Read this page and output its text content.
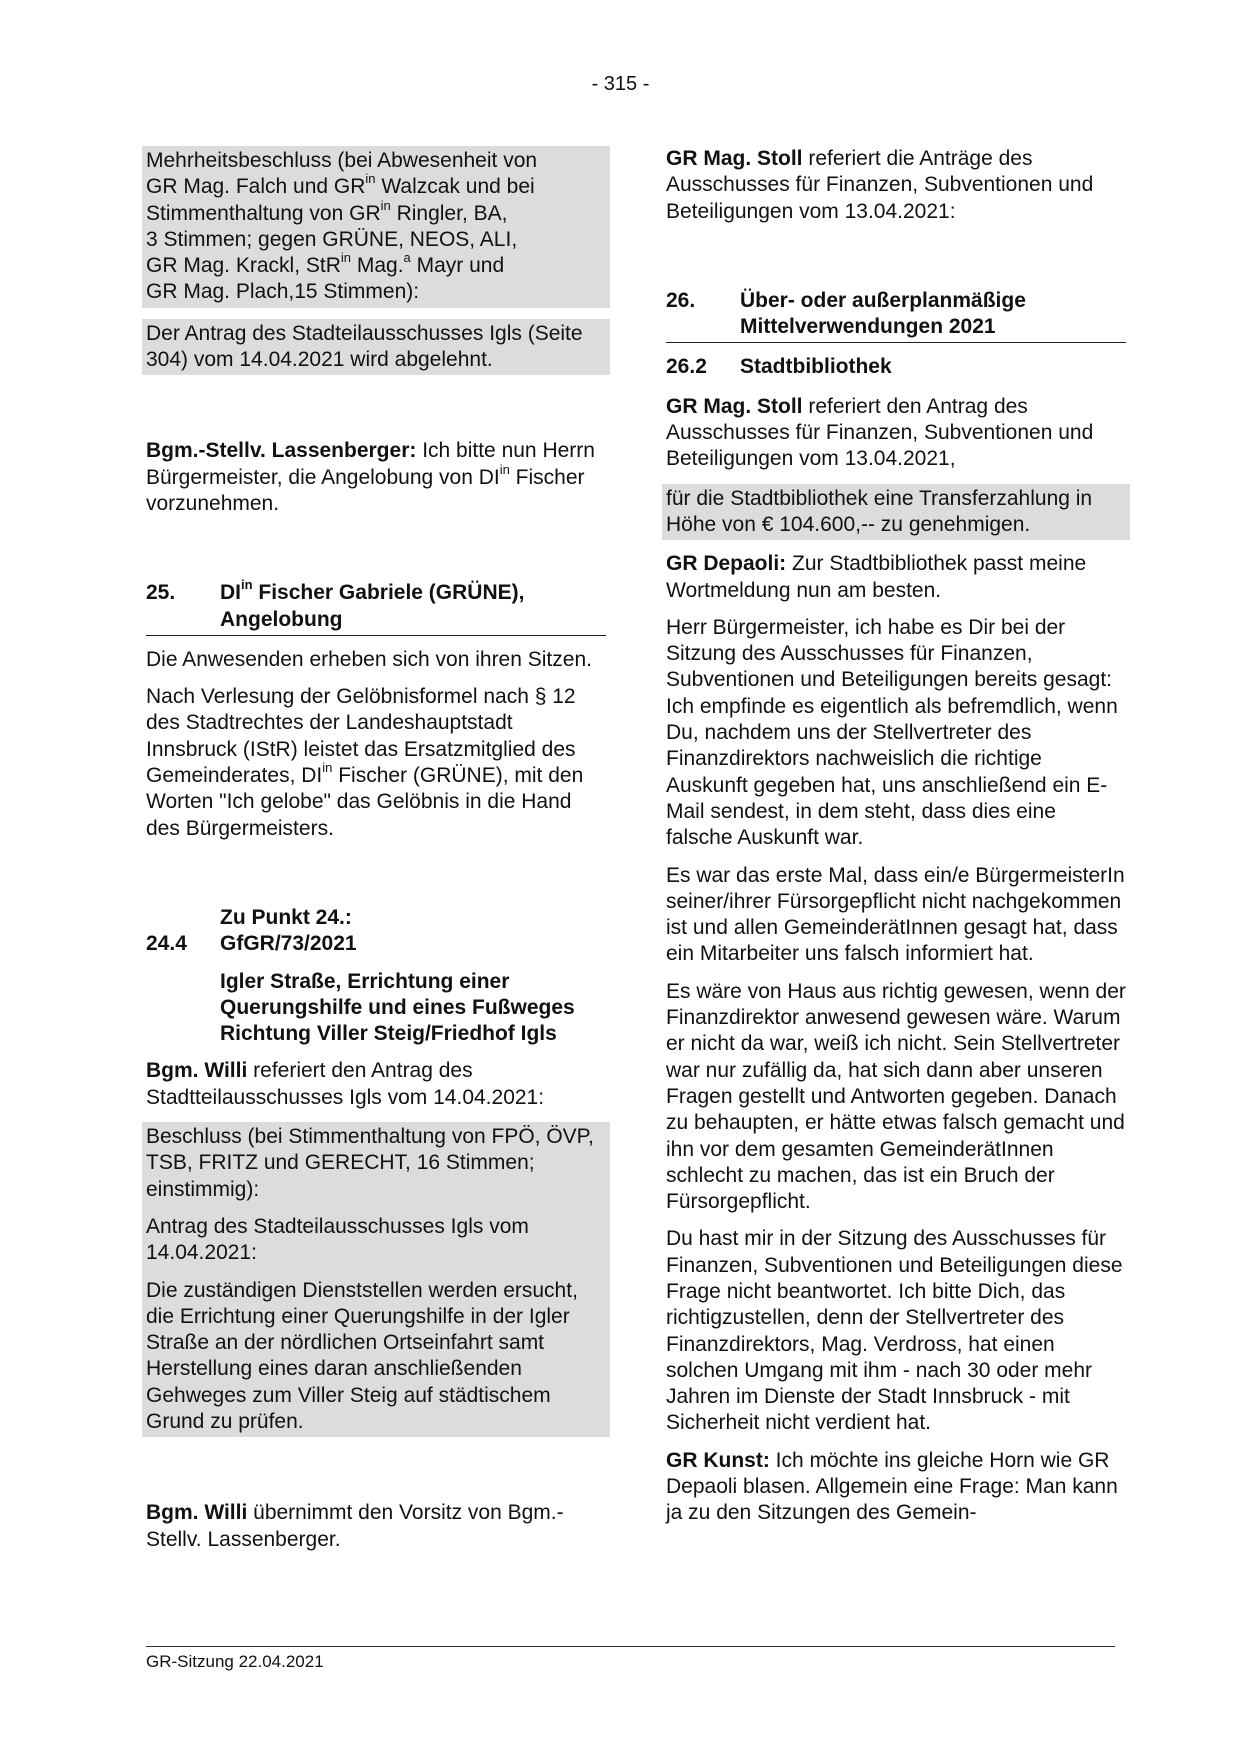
- 315 -

Mehrheitsbeschluss (bei Abwesenheit von
GR Mag. Falch und $GR^{in}$ Walzcak und bei
Stimmenthaltung von $GR^{in}$ Ringler, BA,
3 Stimmen; gegen GRÜNE, NEOS, ALI,
GR Mag. Krackl, StR$^{in}$ Mag.$^a$ Mayr und
GR Mag. Plach,15 Stimmen):

Der Antrag des Stadteilausschusses Igls (Seite 304) vom 14.04.2021 wird abgelehnt.

Bgm.-Stellv. Lassenberger: Ich bitte nun Herrn Bürgermeister, die Angelobung von $DI^{in}$ Fischer vorzunehmen.

25.	$DI^{in}$ Fischer Gabriele (GRÜNE), Angelobung

Die Anwesenden erheben sich von ihren Sitzen.

Nach Verlesung der Gelöbnisformel nach § 12 des Stadtrechtes der Landeshauptstadt Innsbruck (IStR) leistet das Ersatzmitglied des Gemeinderates, $DI^{in}$ Fischer (GRÜNE), mit den Worten "Ich gelobe" das Gelöbnis in die Hand des Bürgermeisters.

24.4
Zu Punkt 24.:
GfGR/73/2021

Igler Straße, Errichtung einer Querungshilfe und eines Fußweges Richtung Viller Steig/Friedhof Igls

Bgm. Willi referiert den Antrag des Stadtteilausschusses Igls vom 14.04.2021:

Beschluss (bei Stimmenthaltung von FPÖ, ÖVP, TSB, FRITZ und GERECHT, 16 Stimmen; einstimmig):

Antrag des Stadteilausschusses Igls vom 14.04.2021:

Die zuständigen Dienststellen werden ersucht, die Errichtung einer Querungshilfe in der Igler Straße an der nördlichen Ortseinfahrt samt Herstellung eines daran anschließenden Gehweges zum Viller Steig auf städtischem Grund zu prüfen.

Bgm. Willi übernimmt den Vorsitz von Bgm.-Stellv. Lassenberger.

GR Mag. Stoll referiert die Anträge des Ausschusses für Finanzen, Subventionen und Beteiligungen vom 13.04.2021:

26.	Über- oder außerplanmäßige Mittelverwendungen 2021
26.2	Stadtbibliothek

GR Mag. Stoll referiert den Antrag des Ausschusses für Finanzen, Subventionen und Beteiligungen vom 13.04.2021,

für die Stadtbibliothek eine Transferzahlung in Höhe von € 104.600,-- zu genehmigen.

GR Depaoli: Zur Stadtbibliothek passt meine Wortmeldung nun am besten.

Herr Bürgermeister, ich habe es Dir bei der Sitzung des Ausschusses für Finanzen, Subventionen und Beteiligungen bereits gesagt: Ich empfinde es eigentlich als befremdlich, wenn Du, nachdem uns der Stellvertreter des Finanzdirektors nachweislich die richtige Auskunft gegeben hat, uns anschließend ein E-Mail sendest, in dem steht, dass dies eine falsche Auskunft war.

Es war das erste Mal, dass ein/e BürgermeisterIn seiner/ihrer Fürsorgepflicht nicht nachgekommen ist und allen GemeinderätInnen gesagt hat, dass ein Mitarbeiter uns falsch informiert hat.

Es wäre von Haus aus richtig gewesen, wenn der Finanzdirektor anwesend gewesen wäre. Warum er nicht da war, weiß ich nicht. Sein Stellvertreter war nur zufällig da, hat sich dann aber unseren Fragen gestellt und Antworten gegeben. Danach zu behaupten, er hätte etwas falsch gemacht und ihn vor dem gesamten GemeinderätInnen schlecht zu machen, das ist ein Bruch der Fürsorgepflicht.

Du hast mir in der Sitzung des Ausschusses für Finanzen, Subventionen und Beteiligungen diese Frage nicht beantwortet. Ich bitte Dich, das richtigzustellen, denn der Stellvertreter des Finanzdirektors, Mag. Verdross, hat einen solchen Umgang mit ihm - nach 30 oder mehr Jahren im Dienste der Stadt Innsbruck - mit Sicherheit nicht verdient hat.

GR Kunst: Ich möchte ins gleiche Horn wie GR Depaoli blasen. Allgemein eine Frage: Man kann ja zu den Sitzungen des Gemein-

GR-Sitzung 22.04.2021
